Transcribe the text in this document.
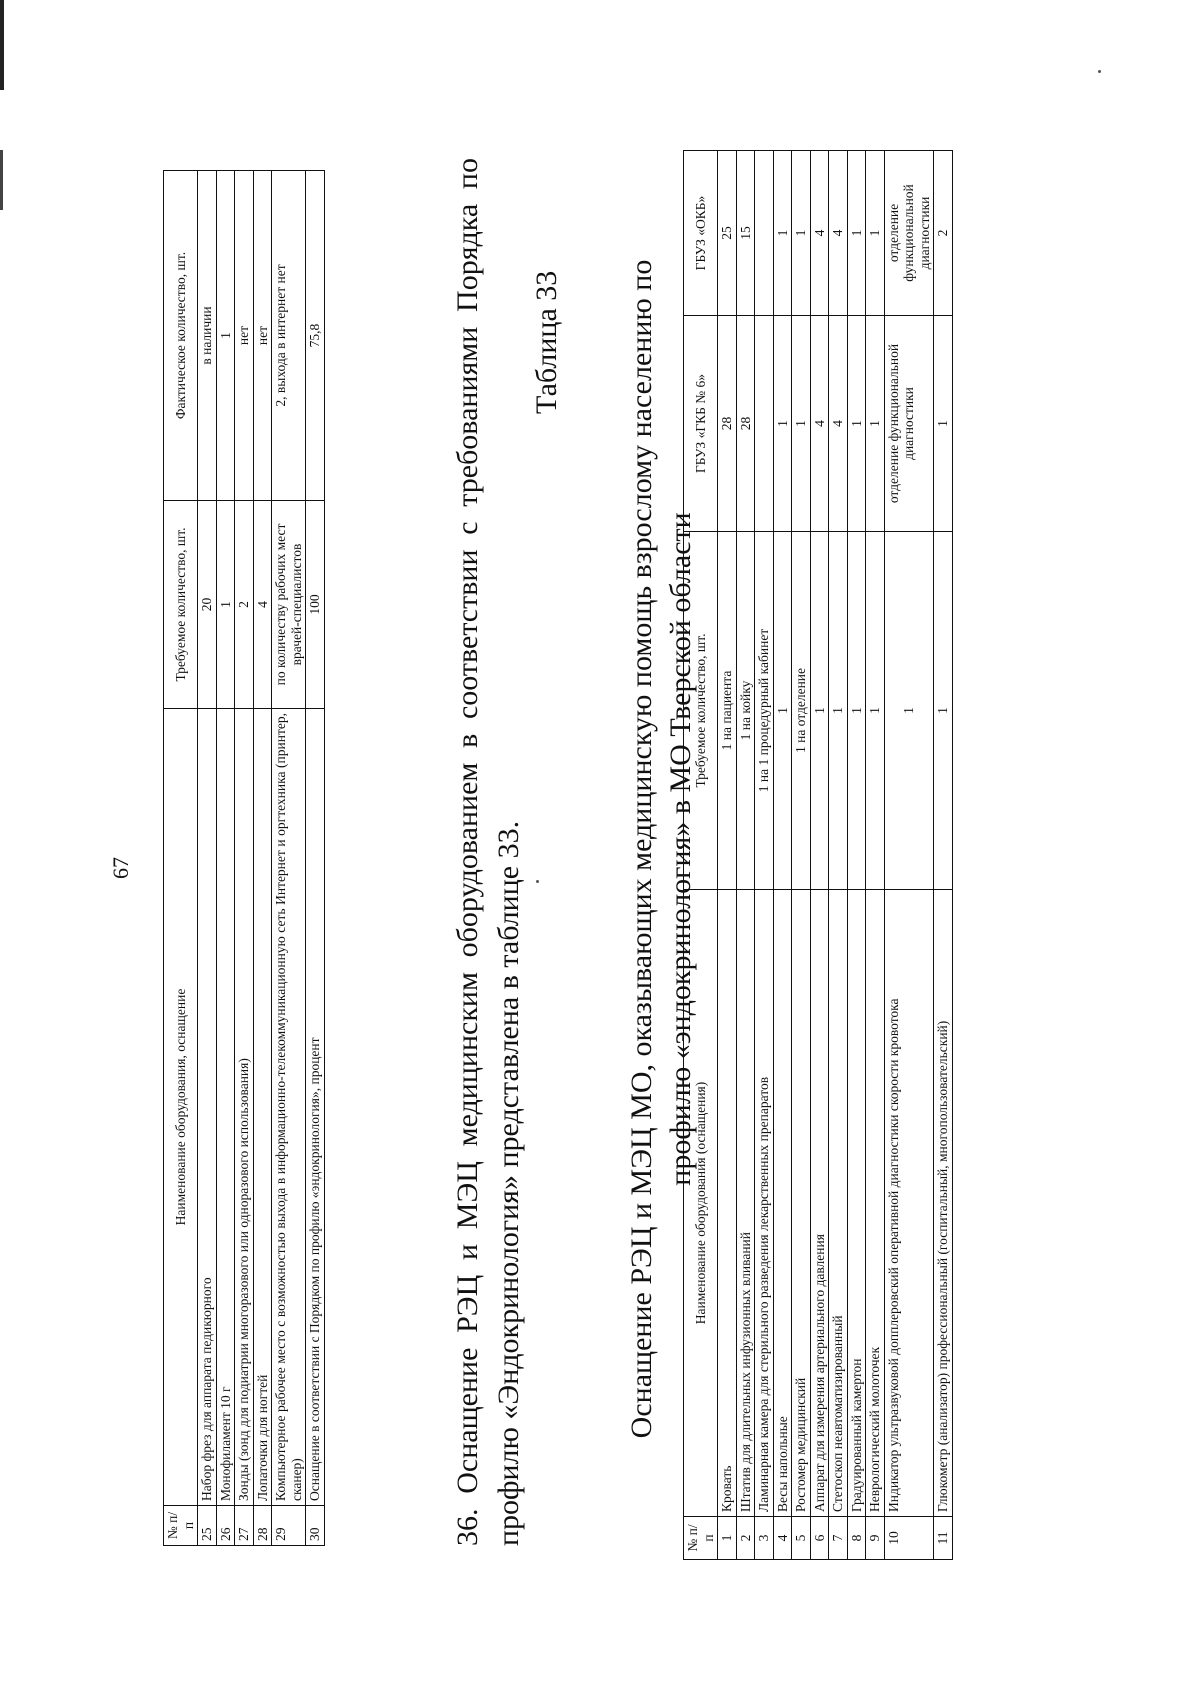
67
№ п/п	Наименование оборудования, оснащение	Требуемое количество, шт.	Фактическое количество, шт.
25	Набор фрез для аппарата педикюрного	20	в наличии
26	Монофиламент 10 г	1	1
27	Зонды (зонд для подиатрии многоразового или одноразового использования)	2	нет
28	Лопаточки для ногтей	4	нет
29	Компьютерное рабочее место с возможностью выхода в информационно-телекоммуникационную сеть Интернет и оргтехника (принтер, сканер)	по количеству рабочих мест врачей-специалистов	2, выхода в интернет нет
30	Оснащение в соответствии с Порядком по профилю «эндокринология», процент	100	75,8	36. Оснащение РЭЦ и МЭЦ медицинским оборудованием в соответствии с требованиями Порядка по профилю «Эндокринология» представлена в таблице 33.

Таблица 33 Оснащение РЭЦ и МЭЦ МО, оказывающих медицинскую помощь взрослому населению по профилю «эндокринология» в МО Тверской области

№ п/п	Наименование оборудования (оснащения)	Требуемое количество, шт.	ГБУЗ «ГКБ № 6»	ГБУЗ «ОКБ»
1	Кровать	1 на пациента	28	25
2	Штатив для длительных инфузионных вливаний	1 на койку	28	15
3	Ламинарная камера для стерильного разведения лекарственных препаратов	1 на 1 процедурный кабинет		
4	Весы напольные	1	1	1
5	Ростомер медицинский	1 на отделение	1	1
6	Аппарат для измерения артериального давления	1	4	4
7	Стетоскоп неавтоматизированный	1	4	4
8	Градуированный камертон	1	1	1
9	Неврологический молоточек	1	1	1
10	Индикатор ультразвуковой допплеровский оперативной диагностики скорости кровотока	1	отделение функциональной диагностики	отделение функциональной диагностики
11	Глюкометр (анализатор) профессиональный (госпитальный, многопользовательский)	1	1	2
